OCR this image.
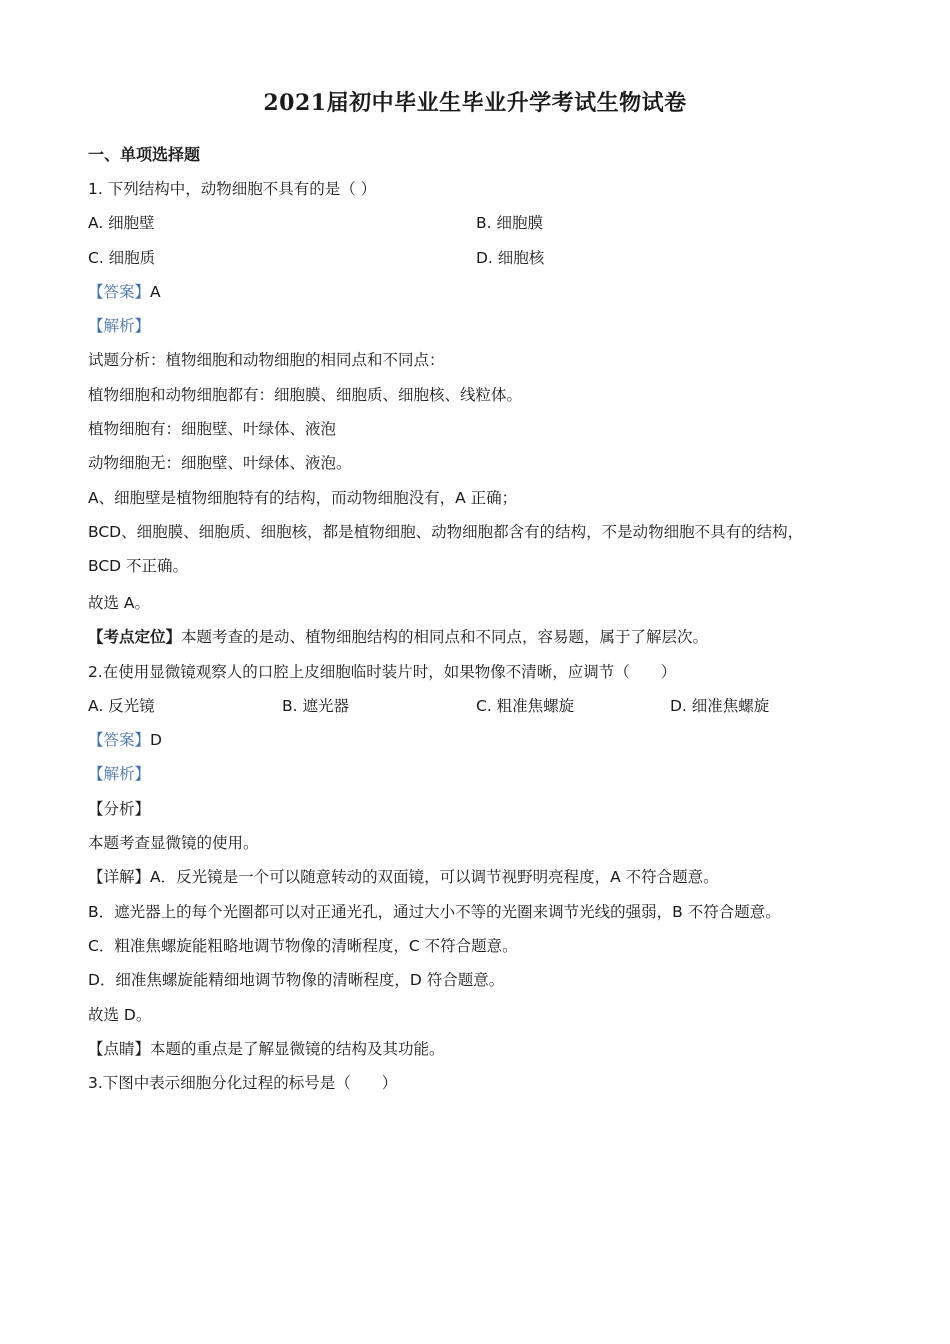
2021届初中毕业生毕业升学考试生物试卷
一、单项选择题
1. 下列结构中，动物细胞不具有的是（ ）
A. 细胞壁	B. 细胞膜
C. 细胞质	D. 细胞核
【答案】A
【解析】
试题分析：植物细胞和动物细胞的相同点和不同点：
植物细胞和动物细胞都有：细胞膜、细胞质、细胞核、线粒体。
植物细胞有：细胞壁、叶绿体、液泡
动物细胞无：细胞壁、叶绿体、液泡。
A、细胞壁是植物细胞特有的结构，而动物细胞没有，A 正确；
BCD、细胞膜、细胞质、细胞核，都是植物细胞、动物细胞都含有的结构，不是动物细胞不具有的结构，
BCD 不正确。
故选 A。
【考点定位】本题考查的是动、植物细胞结构的相同点和不同点，容易题，属于了解层次。
2.在使用显微镜观察人的口腔上皮细胞临时装片时，如果物像不清晰，应调节（　　）
A. 反光镜	B. 遮光器	C. 粗准焦螺旋	D. 细准焦螺旋
【答案】D
【解析】
【分析】
本题考查显微镜的使用。
【详解】A．反光镜是一个可以随意转动的双面镜，可以调节视野明亮程度，A 不符合题意。
B．遮光器上的每个光圈都可以对正通光孔，通过大小不等的光圈来调节光线的强弱，B 不符合题意。
C．粗准焦螺旋能粗略地调节物像的清晰程度，C 不符合题意。
D．细准焦螺旋能精细地调节物像的清晰程度，D 符合题意。
故选 D。
【点睛】本题的重点是了解显微镜的结构及其功能。
3.下图中表示细胞分化过程的标号是（　　）
